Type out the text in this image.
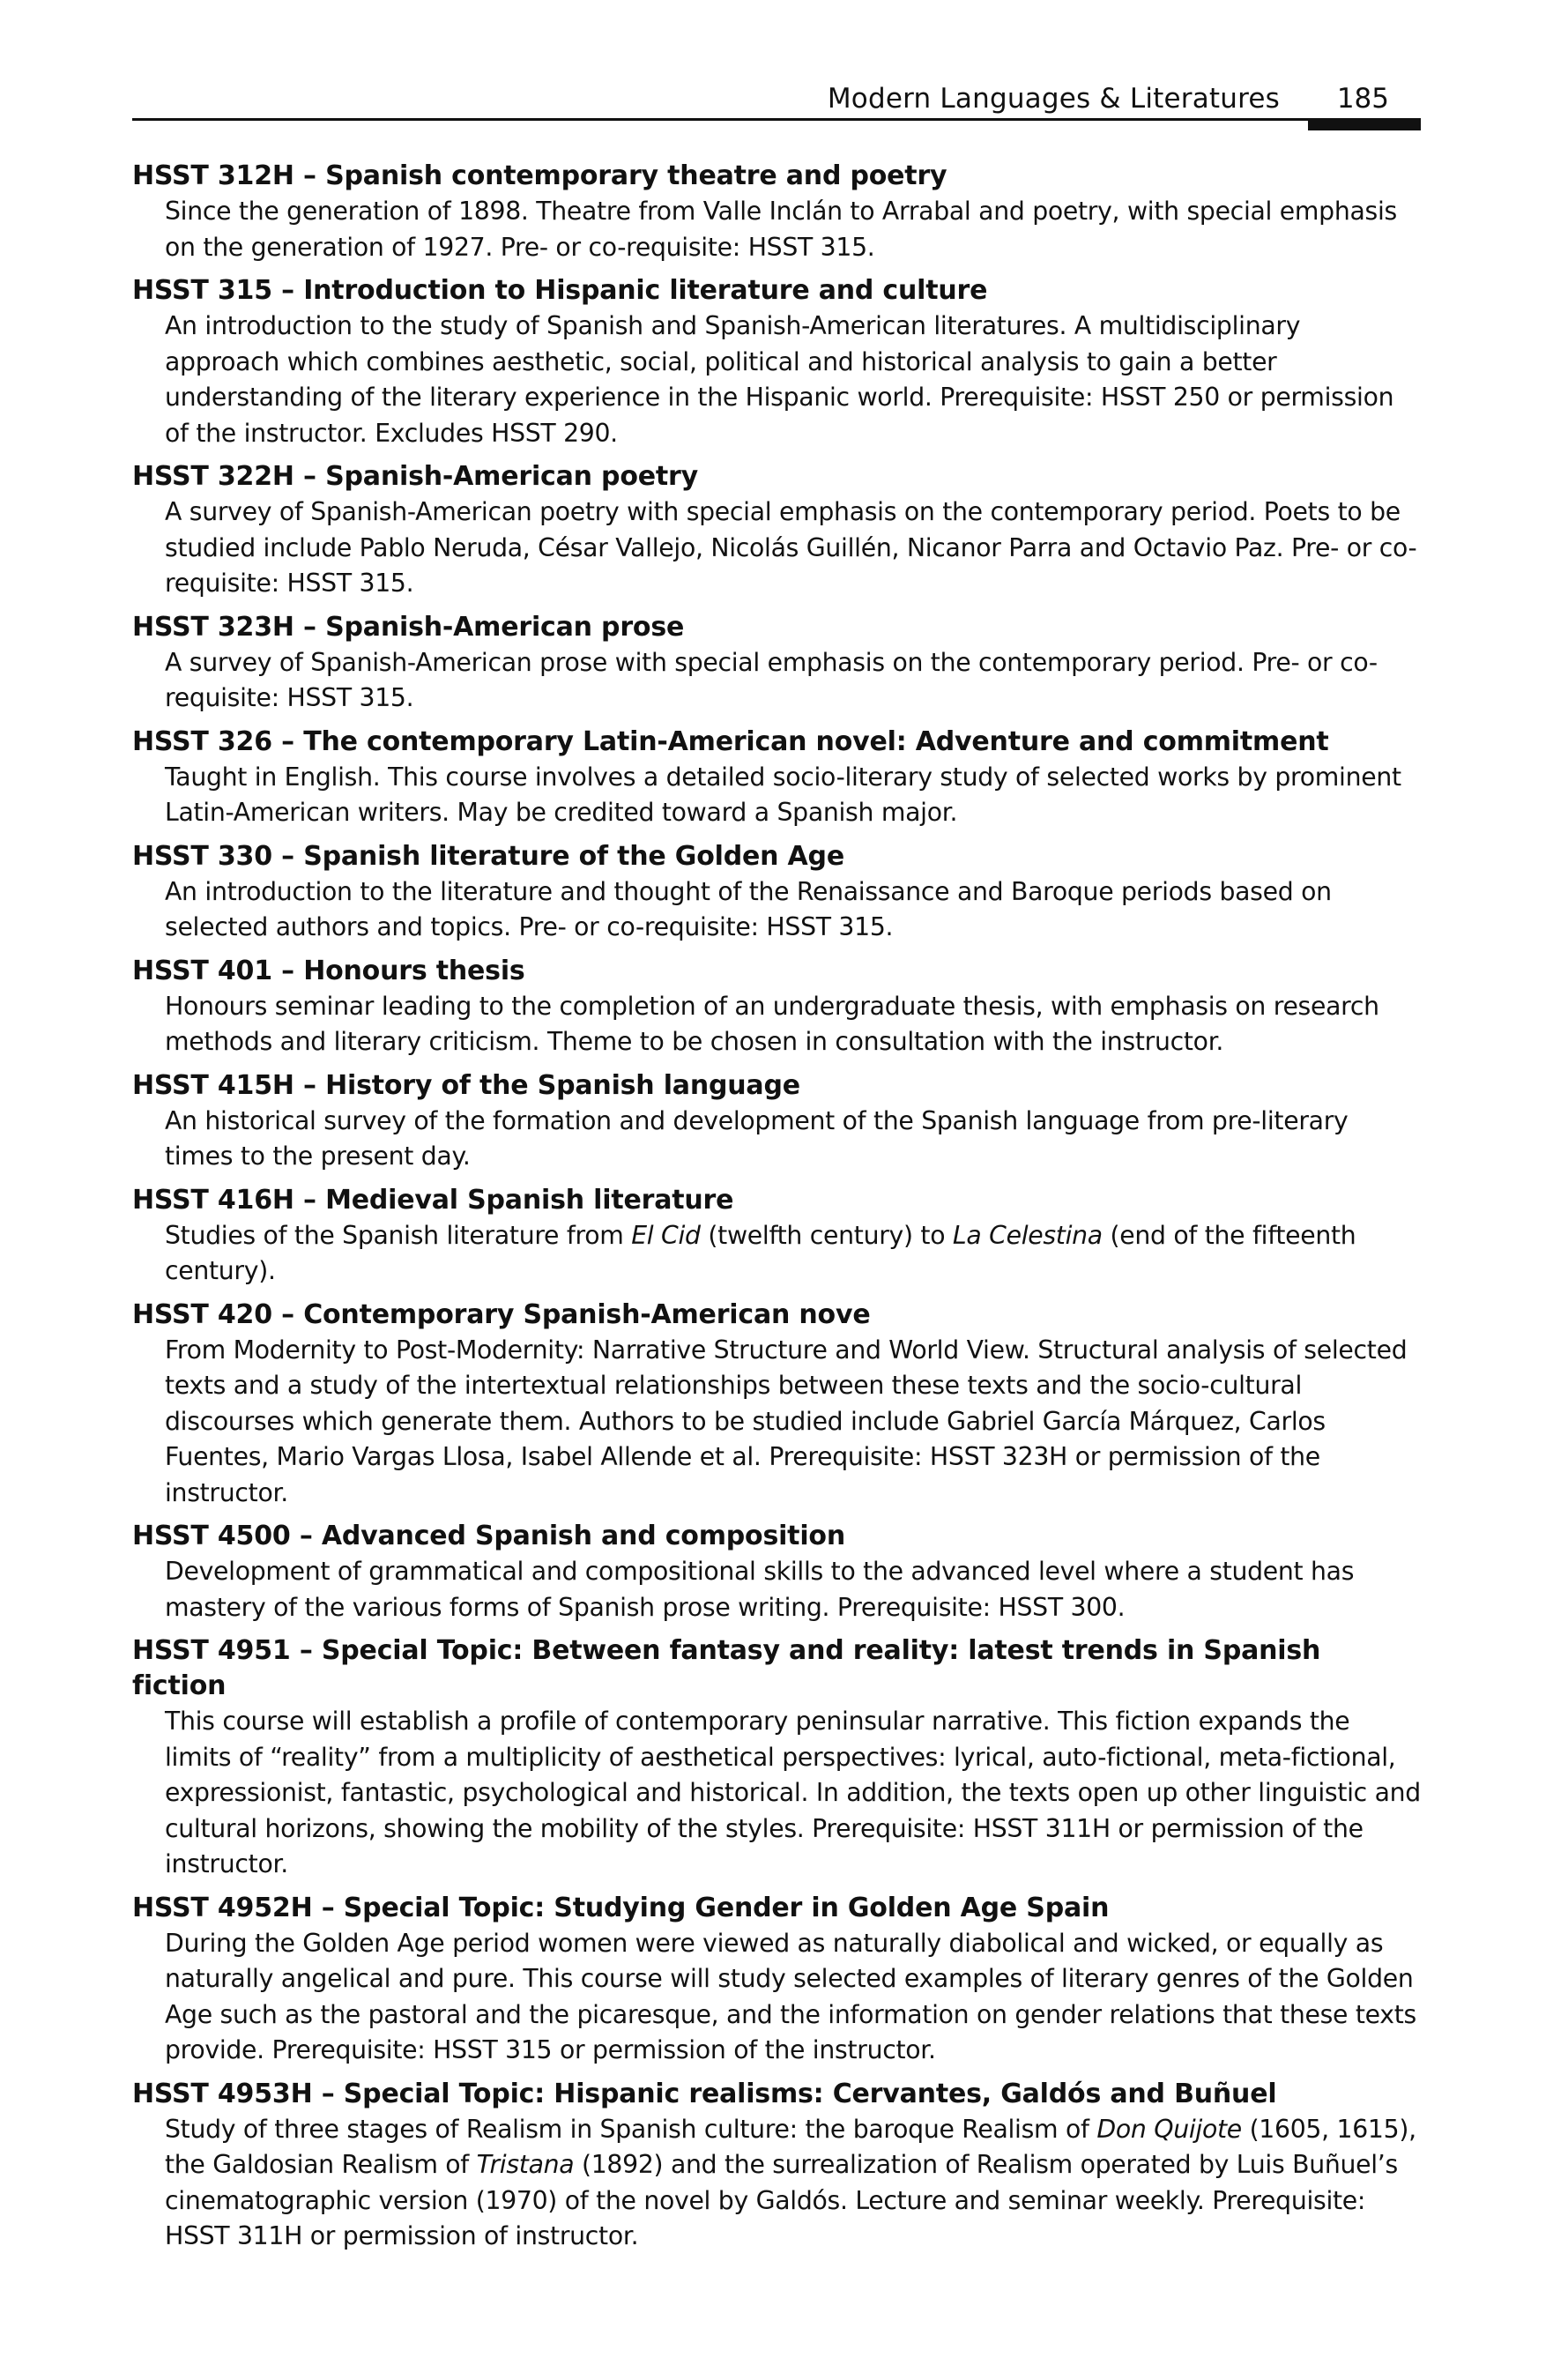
Modern Languages & Literatures 185
HSST 312H – Spanish contemporary theatre and poetry
Since the generation of 1898. Theatre from Valle Inclán to Arrabal and poetry, with special emphasis on the generation of 1927. Pre- or co-requisite: HSST 315.
HSST 315 – Introduction to Hispanic literature and culture
An introduction to the study of Spanish and Spanish-American literatures. A multidisciplinary approach which combines aesthetic, social, political and historical analysis to gain a better understanding of the literary experience in the Hispanic world. Prerequisite: HSST 250 or permission of the instructor. Excludes HSST 290.
HSST 322H – Spanish-American poetry
A survey of Spanish-American poetry with special emphasis on the contemporary period. Poets to be studied include Pablo Neruda, César Vallejo, Nicolás Guillén, Nicanor Parra and Octavio Paz. Pre- or co-requisite: HSST 315.
HSST 323H – Spanish-American prose
A survey of Spanish-American prose with special emphasis on the contemporary period. Pre- or co-requisite: HSST 315.
HSST 326 – The contemporary Latin-American novel: Adventure and commitment
Taught in English. This course involves a detailed socio-literary study of selected works by prominent Latin-American writers. May be credited toward a Spanish major.
HSST 330 – Spanish literature of the Golden Age
An introduction to the literature and thought of the Renaissance and Baroque periods based on selected authors and topics. Pre- or co-requisite: HSST 315.
HSST 401 – Honours thesis
Honours seminar leading to the completion of an undergraduate thesis, with emphasis on research methods and literary criticism. Theme to be chosen in consultation with the instructor.
HSST 415H – History of the Spanish language
An historical survey of the formation and development of the Spanish language from pre-literary times to the present day.
HSST 416H – Medieval Spanish literature
Studies of the Spanish literature from El Cid (twelfth century) to La Celestina (end of the fifteenth century).
HSST 420 – Contemporary Spanish-American nove
From Modernity to Post-Modernity: Narrative Structure and World View. Structural analysis of selected texts and a study of the intertextual relationships between these texts and the socio-cultural discourses which generate them. Authors to be studied include Gabriel García Márquez, Carlos Fuentes, Mario Vargas Llosa, Isabel Allende et al. Prerequisite: HSST 323H or permission of the instructor.
HSST 4500 – Advanced Spanish and composition
Development of grammatical and compositional skills to the advanced level where a student has mastery of the various forms of Spanish prose writing. Prerequisite: HSST 300.
HSST 4951 – Special Topic: Between fantasy and reality: latest trends in Spanish fiction
This course will establish a profile of contemporary peninsular narrative. This fiction expands the limits of “reality” from a multiplicity of aesthetical perspectives: lyrical, auto-fictional, meta-fictional, expressionist, fantastic, psychological and historical. In addition, the texts open up other linguistic and cultural horizons, showing the mobility of the styles. Prerequisite: HSST 311H or permission of the instructor.
HSST 4952H – Special Topic: Studying Gender in Golden Age Spain
During the Golden Age period women were viewed as naturally diabolical and wicked, or equally as naturally angelical and pure. This course will study selected examples of literary genres of the Golden Age such as the pastoral and the picaresque, and the information on gender relations that these texts provide. Prerequisite: HSST 315 or permission of the instructor.
HSST 4953H – Special Topic: Hispanic realisms: Cervantes, Galdós and Buñuel
Study of three stages of Realism in Spanish culture: the baroque Realism of Don Quijote (1605, 1615), the Galdosian Realism of Tristana (1892) and the surrealization of Realism operated by Luis Buñuel’s cinematographic version (1970) of the novel by Galdós. Lecture and seminar weekly. Prerequisite: HSST 311H or permission of instructor.
